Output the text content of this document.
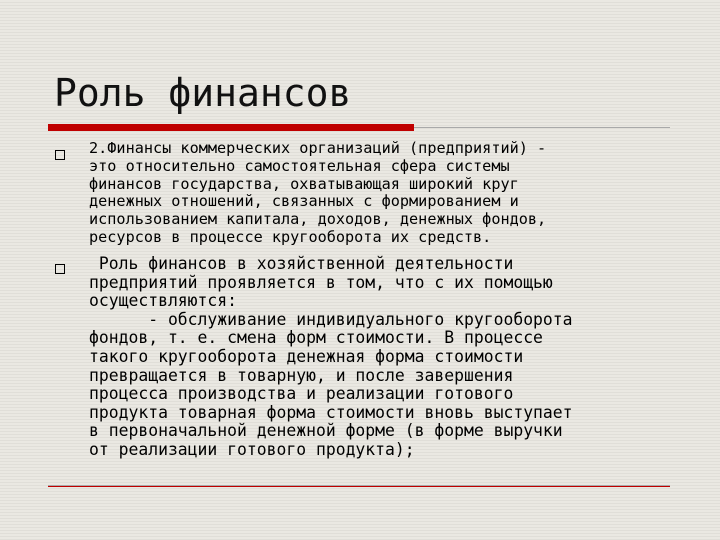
Роль финансов

2.Финансы коммерческих организаций (предприятий) -
это относительно самостоятельная сфера системы
финансов государства, охватывающая широкий круг
денежных отношений, связанных с формированием и
использованием капитала, доходов, денежных фондов,
ресурсов в процессе кругооборота их средств.

Роль финансов в хозяйственной деятельности
предприятий проявляется в том, что с их помощью
осуществляются:
- обслуживание индивидуального кругооборота
фондов, т. е. смена форм стоимости. В процессе
такого кругооборота денежная форма стоимости
превращается в товарную, и после завершения
процесса производства и реализации готового
продукта товарная форма стоимости вновь выступает
в первоначальной денежной форме (в форме выручки
от реализации готового продукта);
